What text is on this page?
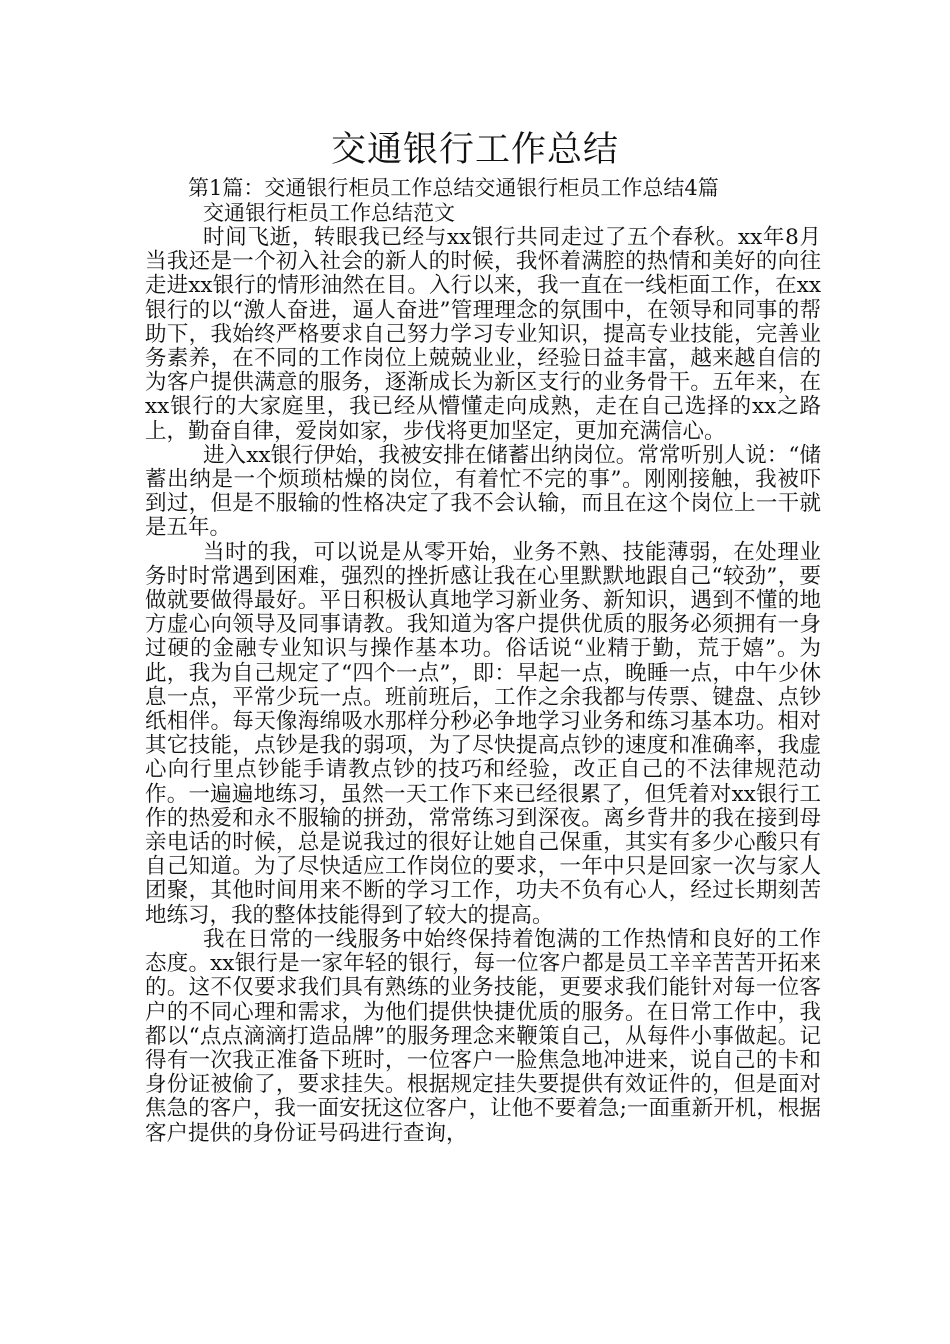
交通银行工作总结
第1篇：交通银行柜员工作总结交通银行柜员工作总结4篇
交通银行柜员工作总结范文

时间飞逝，转眼我已经与xx银行共同走过了五个春秋。xx年8月当我还是一个初入社会的新人的时候，我怀着满腔的热情和美好的向往走进xx银行的情形油然在目。入行以来，我一直在一线柜面工作，在xx银行的以“激人奋进，逼人奋进”管理理念的氛围中，在领导和同事的帮助下，我始终严格要求自己努力学习专业知识，提高专业技能，完善业务素养，在不同的工作岗位上兢兢业业，经验日益丰富，越来越自信的为客户提供满意的服务，逐渐成长为新区支行的业务骨干。五年来，在xx银行的大家庭里，我已经从懵懂走向成熟，走在自己选择的xx之路上，勤奋自律，爱岗如家，步伐将更加坚定，更加充满信心。

进入xx银行伊始，我被安排在储蓄出纳岗位。常常听别人说：“储蓄出纳是一个烦琐枯燥的岗位，有着忙不完的事”。刚刚接触，我被吓到过，但是不服输的性格决定了我不会认输，而且在这个岗位上一干就是五年。

当时的我，可以说是从零开始，业务不熟、技能薄弱，在处理业务时时常遇到困难，强烈的挫折感让我在心里默默地跟自己“较劲”，要做就要做得最好。平日积极认真地学习新业务、新知识，遇到不懂的地方虚心向领导及同事请教。我知道为客户提供优质的服务必须拥有一身过硬的金融专业知识与操作基本功。俗话说“业精于勤，荒于嬉”。为此，我为自己规定了“四个一点”，即：早起一点，晚睡一点，中午少休息一点，平常少玩一点。班前班后，工作之余我都与传票、键盘、点钞纸相伴。每天像海绵吸水那样分秒必争地学习业务和练习基本功。相对其它技能，点钞是我的弱项，为了尽快提高点钞的速度和准确率，我虚心向行里点钞能手请教点钞的技巧和经验，改正自己的不法律规范动作。一遍遍地练习，虽然一天工作下来已经很累了，但凭着对xx银行工作的热爱和永不服输的拼劲，常常练习到深夜。离乡背井的我在接到母亲电话的时候，总是说我过的很好让她自己保重，其实有多少心酸只有自己知道。为了尽快适应工作岗位的要求，一年中只是回家一次与家人团聚，其他时间用来不断的学习工作，功夫不负有心人，经过长期刻苦地练习，我的整体技能得到了较大的提高。

我在日常的一线服务中始终保持着饱满的工作热情和良好的工作态度。xx银行是一家年轻的银行，每一位客户都是员工辛辛苦苦开拓来的。这不仅要求我们具有熟练的业务技能，更要求我们能针对每一位客户的不同心理和需求，为他们提供快捷优质的服务。在日常工作中，我都以“点点滴滴打造品牌”的服务理念来鞭策自己，从每件小事做起。记得有一次我正准备下班时，一位客户一脸焦急地冲进来，说自己的卡和身份证被偷了，要求挂失。根据规定挂失要提供有效证件的，但是面对焦急的客户，我一面安抚这位客户，让他不要着急;一面重新开机，根据客户提供的身份证号码进行查询，
